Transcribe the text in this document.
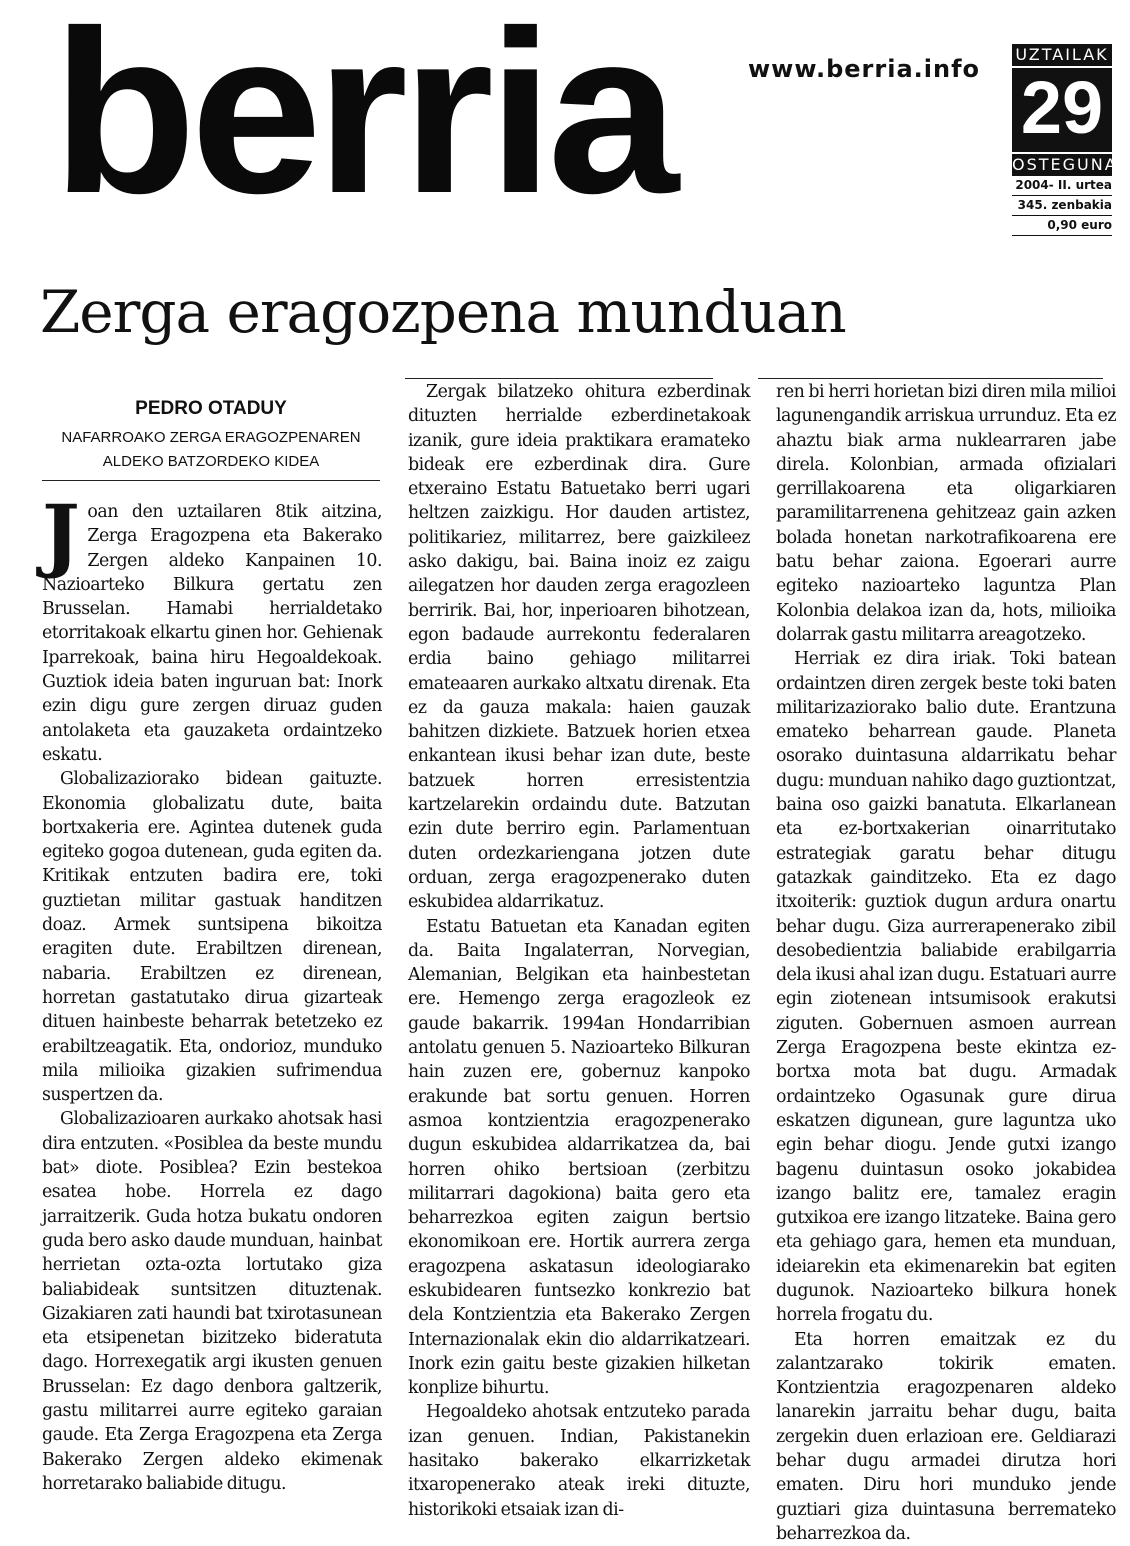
berria	www.berria.info
UZTAILAK
29
OSTEGUNA
2004- II. urtea
345. zenbakia
0,90 euro
Zerga eragozpena munduan
PEDRO OTADUY
NAFARROAKO ZERGA ERAGOZPENAREN
ALDEKO BATZORDEKO KIDEA

Joan den uztailaren 8tik aitzina, Zerga Eragozpena eta Bakerako Zergen aldeko Kanpainen 10. Nazioarteko Bilkura gertatu zen Brusselan. Hamabi herrialdetako etorritakoak elkartu ginen hor. Gehienak Iparrekoak, baina hiru Hegoaldekoak. Guztiok ideia baten inguruan bat: Inork ezin digu gure zergen diruaz guden antolaketa eta gauzaketa ordaintzeko eskatu.

Globalizaziorako bidean gaituzte. Ekonomia globalizatu dute, baita bortxakeria ere. Agintea dutenek guda egiteko gogoa dutenean, guda egiten da. Kritikak entzuten badira ere, toki guztietan militar gastuak handitzen doaz. Armek suntsipena bikoitza eragiten dute. Erabiltzen direnean, nabaria. Erabiltzen ez direnean, horretan gastatutako dirua gizarteak dituen hainbeste beharrak betetzeko ez erabiltzeagatik. Eta, ondorioz, munduko mila milioika gizakien sufrimendua suspertzen da.

Globalizazioaren aurkako ahotsak hasi dira entzuten. «Posiblea da beste mundu bat» diote. Posiblea? Ezin bestekoa esatea hobe. Horrela ez dago jarraitzerik. Guda hotza bukatu ondoren guda bero asko daude munduan, hainbat herrietan ozta-ozta lortutako giza baliabideak suntsitzen dituztenak. Gizakiaren zati haundi bat txirotasunean eta etsipenetan bizitzeko bideratuta dago. Horrexegatik argi ikusten genuen Brusselan: Ez dago denbora galtzerik, gastu militarrei aurre egiteko garaian gaude. Eta Zerga Eragozpena eta Zerga Bakerako Zergen aldeko ekimenak horretarako baliabide ditugu.

Zergak bilatzeko ohitura ezberdinak dituzten herrialde ezberdinetakoak izanik, gure ideia praktikara eramateko bideak ere ezberdinak dira. Gure etxeraino Estatu Batuetako berri ugari heltzen zaizkigu. Hor dauden artistez, politikariez, militarrez, bere gaizkileez asko dakigu, bai. Baina inoiz ez zaigu ailegatzen hor dauden zerga eragozleen berririk. Bai, hor, inperioaren bihotzean, egon badaude aurrekontu federalaren erdia baino gehiago militarrei emateaaren aurkako altxatu direnak. Eta ez da gauza makala: haien gauzak bahitzen dizkiete. Batzuek horien etxea enkantean ikusi behar izan dute, beste batzuek horren erresistentzia kartzelarekin ordaindu dute. Batzutan ezin dute berriro egin. Parlamentuan duten ordezkariengana jotzen dute orduan, zerga eragozpenerako duten eskubidea aldarrikatuz.

Estatu Batuetan eta Kanadan egiten da. Baita Ingalaterran, Norvegian, Alemanian, Belgikan eta hainbestetan ere. Hemengo zerga eragozleok ez gaude bakarrik. 1994an Hondarribian antolatu genuen 5. Nazioarteko Bilkuran hain zuzen ere, gobernuz kanpoko erakunde bat sortu genuen. Horren asmoa kontzientzia eragozpenerako dugun eskubidea aldarrikatzea da, bai horren ohiko bertsioan (zerbitzu militarrari dagokiona) baita gero eta beharrezkoa egiten zaigun bertsio ekonomikoan ere. Hortik aurrera zerga eragozpena askatasun ideologiarako eskubidearen funtsezko konkrezio bat dela Kontzientzia eta Bakerako Zergen Internazionalak ekin dio aldarrikatzeari. Inork ezin gaitu beste gizakien hilketan konplize bihurtu.

Hegoaldeko ahotsak entzuteko parada izan genuen. Indian, Pakistanekin hasitako bakerako elkarrizketak itxaropenerako ateak ireki dituzte, historikoki etsaiak izan di-

ren bi herri horietan bizi diren mila milioi lagunengandik arriskua urrunduz. Eta ez ahaztu biak arma nuklearraren jabe direla. Kolonbian, armada ofizialari gerrillakoarena eta oligarkiaren paramilitarrenena gehitzeaz gain azken bolada honetan narkotrafikoarena ere batu behar zaiona. Egoerari aurre egiteko nazioarteko laguntza Plan Kolonbia delakoa izan da, hots, milioika dolarrak gastu militarra areagotzeko.

Herriak ez dira iriak. Toki batean ordaintzen diren zergek beste toki baten militarizaziorako balio dute. Erantzuna emateko beharrean gaude. Planeta osorako duintasuna aldarrikatu behar dugu: munduan nahiko dago guztiontzat, baina oso gaizki banatuta. Elkarlanean eta ez-bortxakerian oinarritutako estrategiak garatu behar ditugu gatazkak gainditzeko. Eta ez dago itxoiterik: guztiok dugun ardura onartu behar dugu. Giza aurrerapenerako zibil desobedientzia baliabide erabilgarria dela ikusi ahal izan dugu. Estatuari aurre egin ziotenean intsumisook erakutsi ziguten. Gobernuen asmoen aurrean Zerga Eragozpena beste ekintza ez-bortxa mota bat dugu. Armadak ordaintzeko Ogasunak gure dirua eskatzen digunean, gure laguntza uko egin behar diogu. Jende gutxi izango bagenu duintasun osoko jokabidea izango balitz ere, tamalez eragin gutxikoa ere izango litzateke. Baina gero eta gehiago gara, hemen eta munduan, ideiarekin eta ekimenarekin bat egiten dugunok. Nazioarteko bilkura honek horrela frogatu du.

Eta horren emaitzak ez du zalantzarako tokirik ematen. Kontzientzia eragozpenaren aldeko lanarekin jarraitu behar dugu, baita zergekin duen erlazioan ere. Geldiarazi behar dugu armadei dirutza hori ematen. Diru hori munduko jende guztiari giza duintasuna berremateko beharrezkoa da.
